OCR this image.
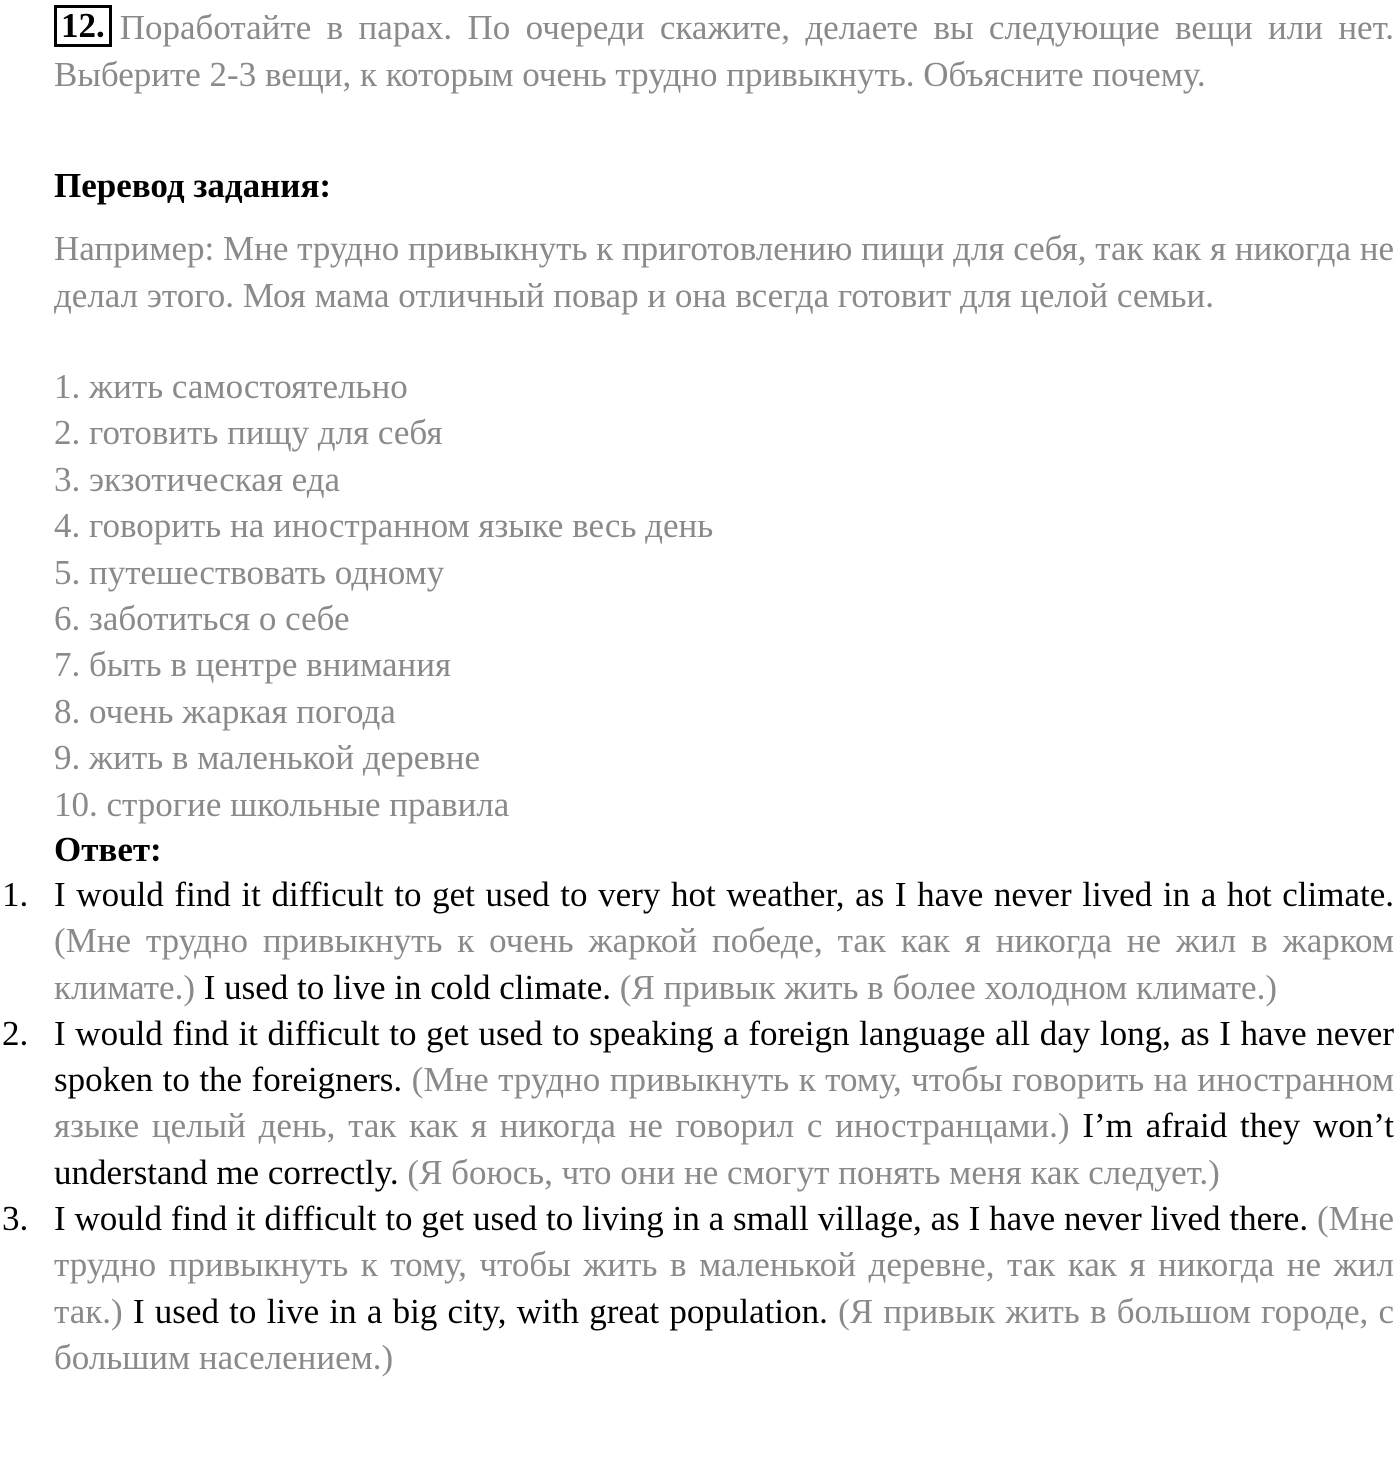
12. Поработайте в парах. По очереди скажите, делаете вы следующие вещи или нет. Выберите 2-3 вещи, к которым очень трудно привыкнуть. Объясните почему.
Перевод задания:
Например: Мне трудно привыкнуть к приготовлению пищи для себя, так как я никогда не делал этого. Моя мама отличный повар и она всегда готовит для целой семьи.
1. жить самостоятельно
2. готовить пищу для себя
3. экзотическая еда
4. говорить на иностранном языке весь день
5. путешествовать одному
6. заботиться о себе
7. быть в центре внимания
8. очень жаркая погода
9. жить в маленькой деревне
10. строгие школьные правила
Ответ:
1. I would find it difficult to get used to very hot weather, as I have never lived in a hot climate. (Мне трудно привыкнуть к очень жаркой победе, так как я никогда не жил в жарком климате.) I used to live in cold climate. (Я привык жить в более холодном климате.)
2. I would find it difficult to get used to speaking a foreign language all day long, as I have never spoken to the foreigners. (Мне трудно привыкнуть к тому, чтобы говорить на иностранном языке целый день, так как я никогда не говорил с иностранцами.) I’m afraid they won’t understand me correctly. (Я боюсь, что они не смогут понять меня как следует.)
3. I would find it difficult to get used to living in a small village, as I have never lived there. (Мне трудно привыкнуть к тому, чтобы жить в маленькой деревне, так как я никогда не жил так.) I used to live in a big city, with great population. (Я привык жить в большом городе, с большим населением.)
